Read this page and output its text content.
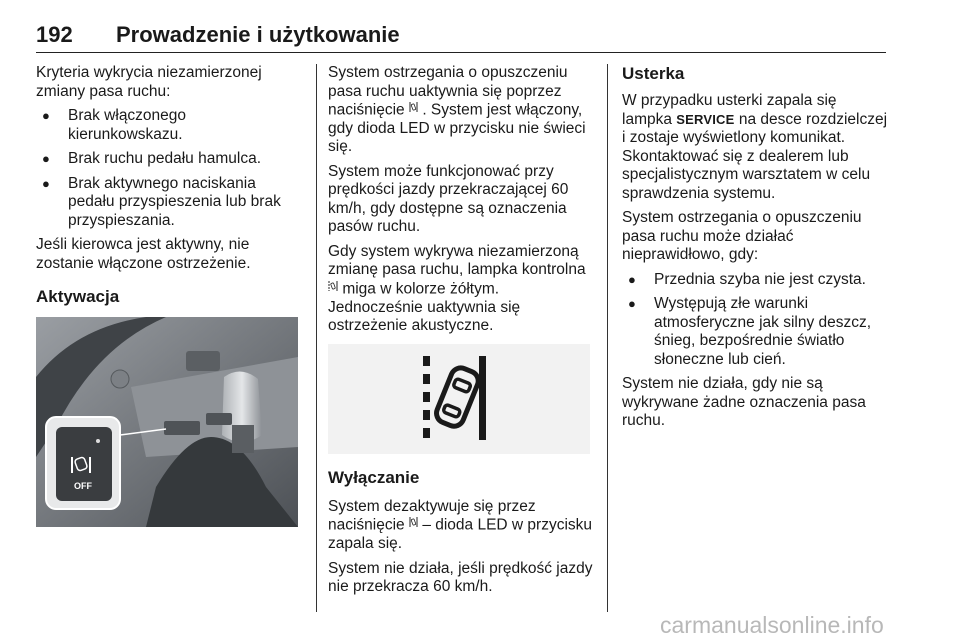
192 Prowadzenie i użytkowanie

Kryteria wykrycia niezamierzonej zmiany pasa ruchu:

● Brak włączonego kierunkowskazu.
● Brak ruchu pedału hamulca.
● Brak aktywnego naciskania pedału przyspieszenia lub brak przyspieszania.

Jeśli kierowca jest aktywny, nie zostanie włączone ostrzeżenie.

Aktywacja
OFF

System ostrzegania o opuszczeniu pasa ruchu uaktywnia się poprzez naciśnięcie . System jest włączony, gdy dioda LED w przycisku nie świeci się.

System może funkcjonować przy prędkości jazdy przekraczającej 60 km/h, gdy dostępne są oznaczenia pasów ruchu.

Gdy system wykrywa niezamierzoną zmianę pasa ruchu, lampka kontrolna  miga w kolorze żółtym. Jednocześnie uaktywnia się ostrzeżenie akustyczne.

Wyłączanie

System dezaktywuje się przez naciśnięcie – dioda LED w przycisku zapala się.

System nie działa, jeśli prędkość jazdy nie przekracza 60 km/h.

Usterka

W przypadku usterki zapala się lampka SERVICE na desce rozdzielczej i zostaje wyświetlony komunikat. Skontaktować się z dealerem lub specjalistycznym warsztatem w celu sprawdzenia systemu.

System ostrzegania o opuszczeniu pasa ruchu może działać nieprawidłowo, gdy:

● Przednia szyba nie jest czysta.
● Występują złe warunki atmosferyczne jak silny deszcz, śnieg, bezpośrednie światło słoneczne lub cień.

System nie działa, gdy nie są wykrywane żadne oznaczenia pasa ruchu.

carmanualsonline.info
